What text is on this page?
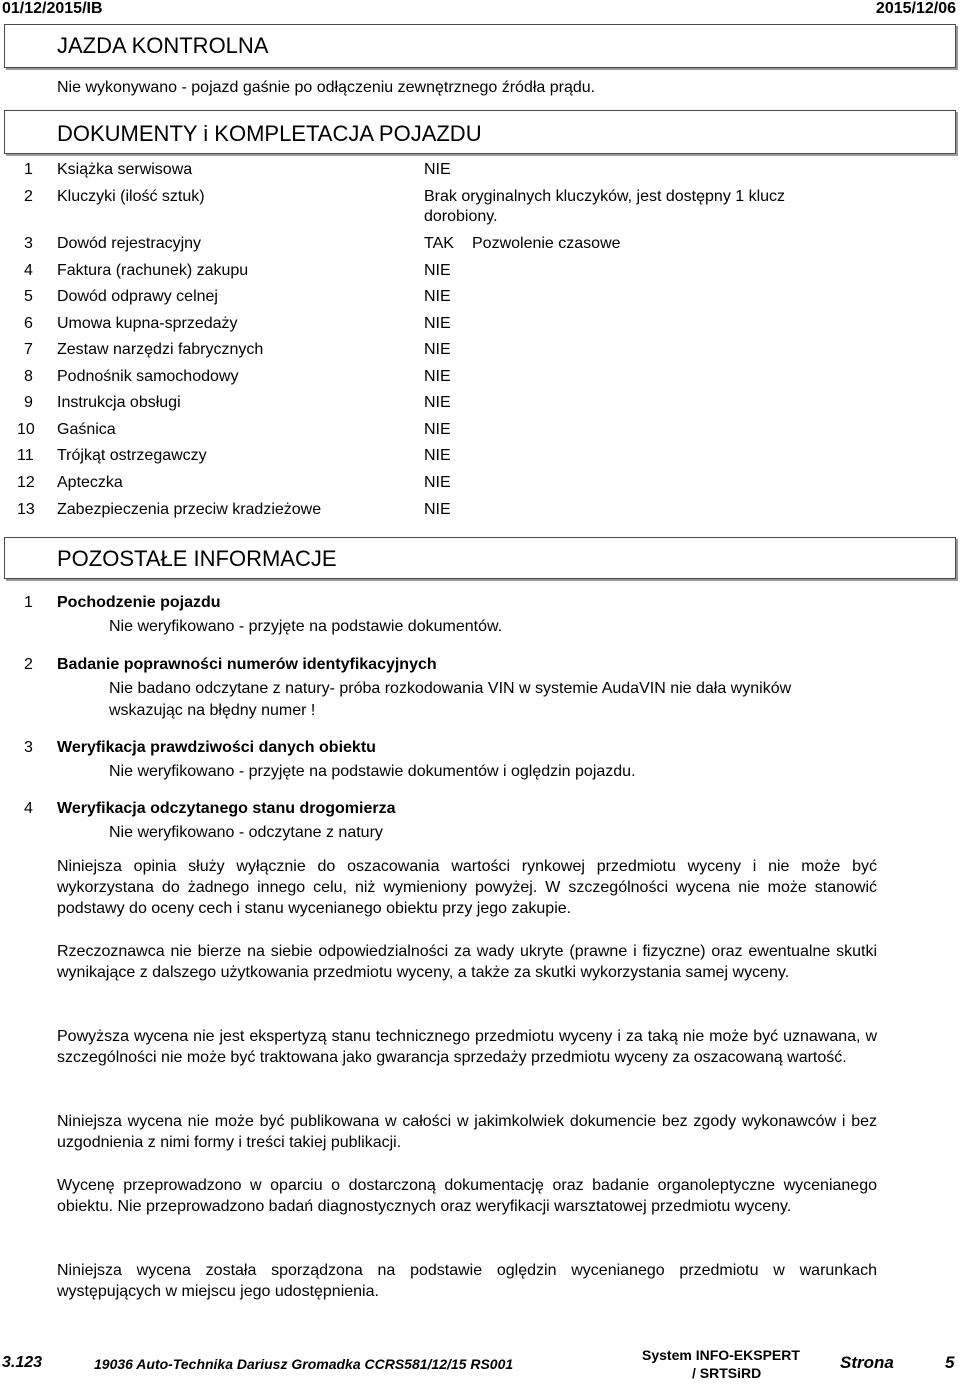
01/12/2015/IB	2015/12/06
JAZDA KONTROLNA
Nie wykonywano - pojazd gaśnie po odłączeniu zewnętrznego źródła prądu.
DOKUMENTY i KOMPLETACJA POJAZDU
1 Książka serwisowa	NIE
2 Kluczyki (ilość sztuk)	Brak oryginalnych kluczyków, jest dostępny 1 klucz
dorobiony.
3 Dowód rejestracyjny	TAK Pozwolenie czasowe
4 Faktura (rachunek) zakupu	NIE
5 Dowód odprawy celnej	NIE
6 Umowa kupna-sprzedaży	NIE
7 Zestaw narzędzi fabrycznych	NIE
8 Podnośnik samochodowy	NIE
9 Instrukcja obsługi	NIE
10 Gaśnica	NIE
11 Trójkąt ostrzegawczy	NIE
12 Apteczka	NIE
13 Zabezpieczenia przeciw kradzieżowe	NIE
POZOSTAŁE INFORMACJE
1 Pochodzenie pojazdu
Nie weryfikowano - przyjęte na podstawie dokumentów.
2 Badanie poprawności numerów identyfikacyjnych
Nie badano odczytane z natury- próba rozkodowania VIN w systemie AudaVIN nie dała wyników
wskazując na błędny numer !
3 Weryfikacja prawdziwości danych obiektu
Nie weryfikowano - przyjęte na podstawie dokumentów i oględzin pojazdu.
4 Weryfikacja odczytanego stanu drogomierza
Nie weryfikowano - odczytane z natury

Niniejsza opinia służy wyłącznie do oszacowania wartości rynkowej przedmiotu wyceny i nie może być wykorzystana do żadnego innego celu, niż wymieniony powyżej. W szczególności wycena nie może stanowić podstawy do oceny cech i stanu wycenianego obiektu przy jego zakupie.

Rzeczoznawca nie bierze na siebie odpowiedzialności za wady ukryte (prawne i fizyczne) oraz ewentualne skutki wynikające z dalszego użytkowania przedmiotu wyceny, a także za skutki wykorzystania samej wyceny.

Powyższa wycena nie jest ekspertyzą stanu technicznego przedmiotu wyceny i za taką nie może być uznawana, w szczególności nie może być traktowana jako gwarancja sprzedaży przedmiotu wyceny za oszacowaną wartość.

Niniejsza wycena nie może być publikowana w całości w jakimkolwiek dokumencie bez zgody wykonawców i bez uzgodnienia z nimi formy i treści takiej publikacji.

Wycenę przeprowadzono w oparciu o dostarczoną dokumentację oraz badanie organoleptyczne wycenianego obiektu. Nie przeprowadzono badań diagnostycznych oraz weryfikacji warsztatowej przedmiotu wyceny.

Niniejsza wycena została sporządzona na podstawie oględzin wycenianego przedmiotu w warunkach występujących w miejscu jego udostępnienia.

3.123	19036 Auto-Technika Dariusz Gromadka CCRS581/12/15 RS001
System INFO-EKSPERT
/ SRTSiRD
Strona	5
